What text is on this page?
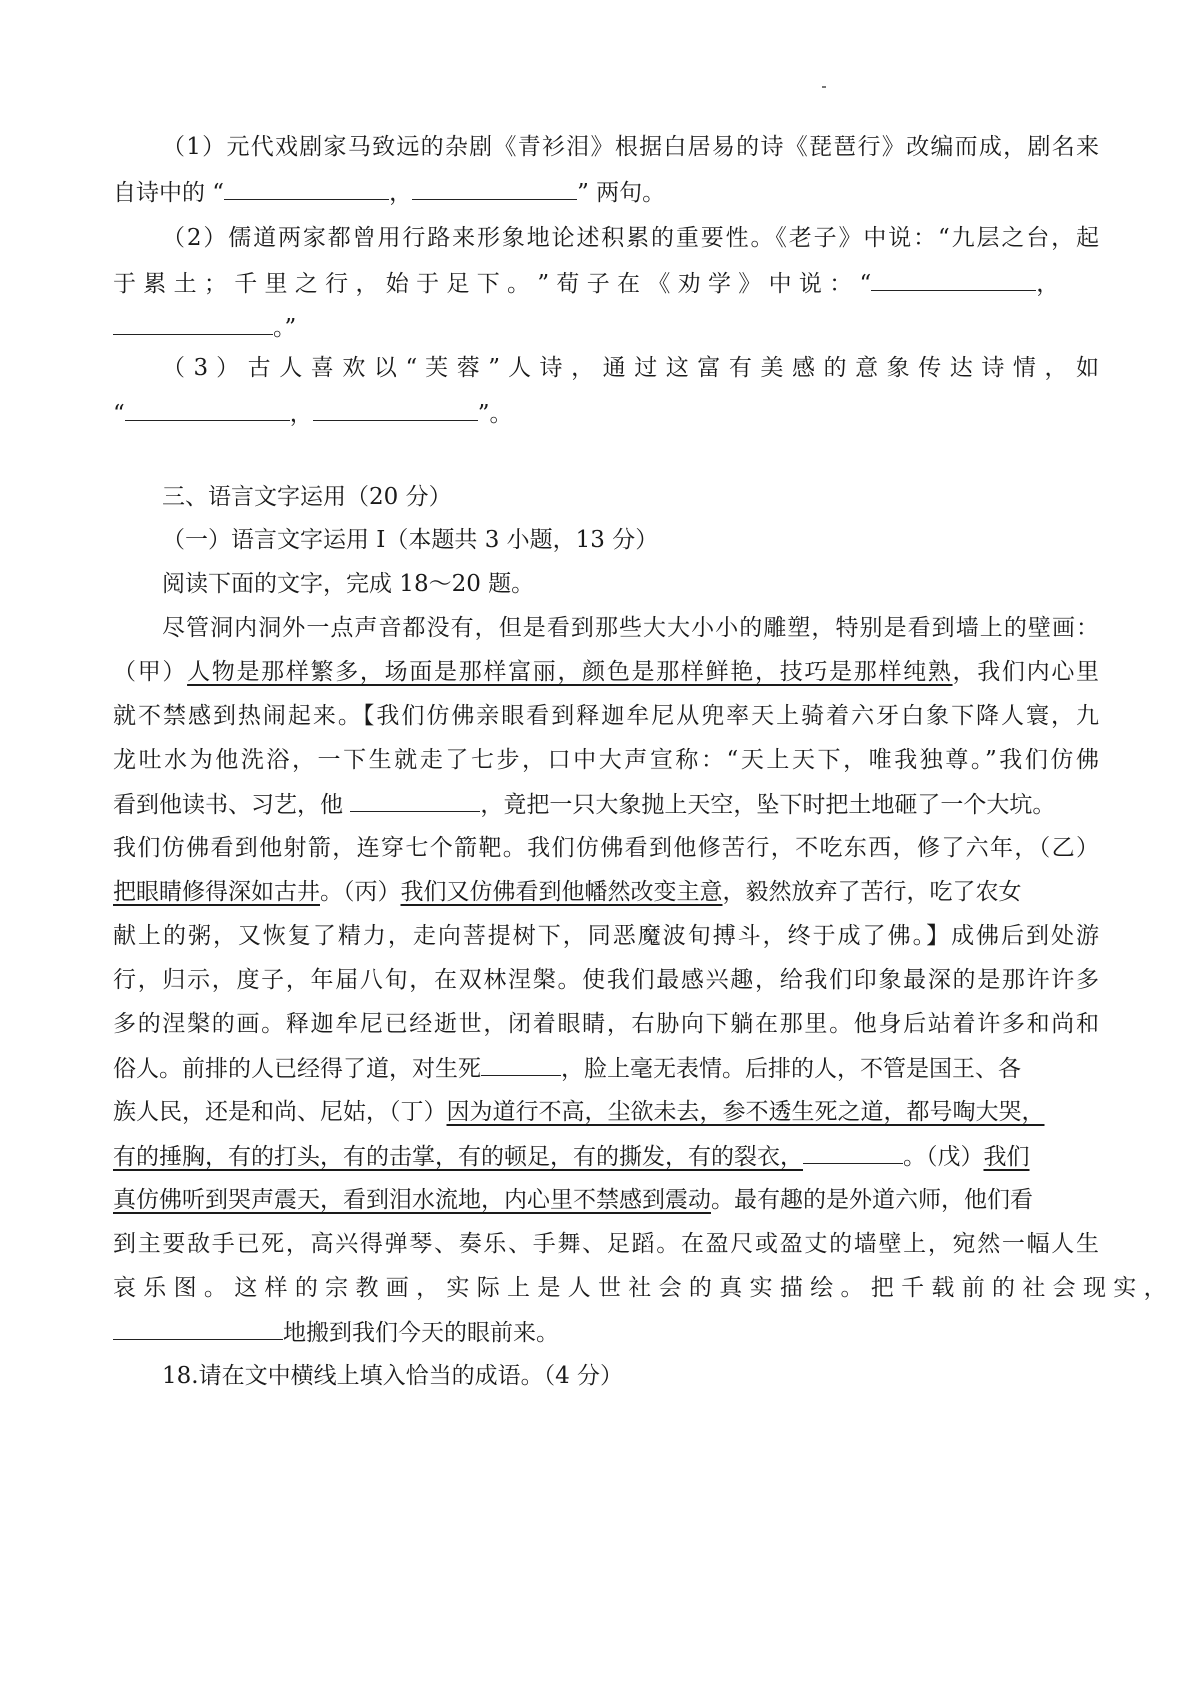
（1）元代戏剧家马致远的杂剧《青衫泪》根据白居易的诗《琵琶行》改编而成，剧名来
自诗中的 “	，	” 两句。
（2）儒道两家都曾用行路来形象地论述积累的重要性。《老子》中说：“九层之台，起
于 累 土 ； 千 里 之 行 ， 始 于 足 下 。 ” 荀 子 在 《 劝 学 》 中 说 ： “	，
。”
（ 3 ） 古 人 喜 欢 以 “ 芙 蓉 ” 人 诗 ， 通 过 这 富 有 美 感 的 意 象 传 达 诗 情 ， 如
“	，	”。
三、语言文字运用（20 分）
（一）语言文字运用 I（本题共 3 小题，13 分）
阅读下面的文字，完成 18～20 题。
尽管洞内洞外一点声音都没有，但是看到那些大大小小的雕塑，特别是看到墙上的壁画：
（甲）人物是那样繁多，场面是那样富丽，颜色是那样鲜艳，技巧是那样纯熟，我们内心里
就不禁感到热闹起来。【我们仿佛亲眼看到释迦牟尼从兜率天上骑着六牙白象下降人寰，九
龙吐水为他洗浴，一下生就走了七步，口中大声宣称：“天上天下，唯我独尊。”我们仿佛
看到他读书、习艺，他	，竟把一只大象抛上天空，坠下时把土地砸了一个大坑。
我们仿佛看到他射箭，连穿七个箭靶。我们仿佛看到他修苦行，不吃东西，修了六年，（乙）
把眼睛修得深如古井。（丙）我们又仿佛看到他幡然改变主意，毅然放弃了苦行，吃了农女
献上的粥，又恢复了精力，走向菩提树下，同恶魔波旬搏斗，终于成了佛。】成佛后到处游
行，归示，度子，年届八旬，在双林涅槃。使我们最感兴趣，给我们印象最深的是那许许多
多的涅槃的画。释迦牟尼已经逝世，闭着眼睛，右胁向下躺在那里。他身后站着许多和尚和
俗人。前排的人已经得了道，对生死	，脸上毫无表情。后排的人，不管是国王、各
族人民，还是和尚、尼姑，（丁）因为道行不高，尘欲未去，参不透生死之道，都号啕大哭，
有的捶胸，有的打头，有的击掌，有的顿足，有的撕发，有的裂衣，	。（戊）我们
真仿佛听到哭声震天，看到泪水流地，内心里不禁感到震动。最有趣的是外道六师，他们看
到主要敌手已死，高兴得弹琴、奏乐、手舞、足蹈。在盈尺或盈丈的墙壁上，宛然一幅人生
哀 乐 图 。 这 样 的 宗 教 画 ， 实 际 上 是 人 世 社 会 的 真 实 描 绘 。 把 千 载 前 的 社 会 现 实 ，
地搬到我们今天的眼前来。
18.请在文中横线上填入恰当的成语。（4 分）
